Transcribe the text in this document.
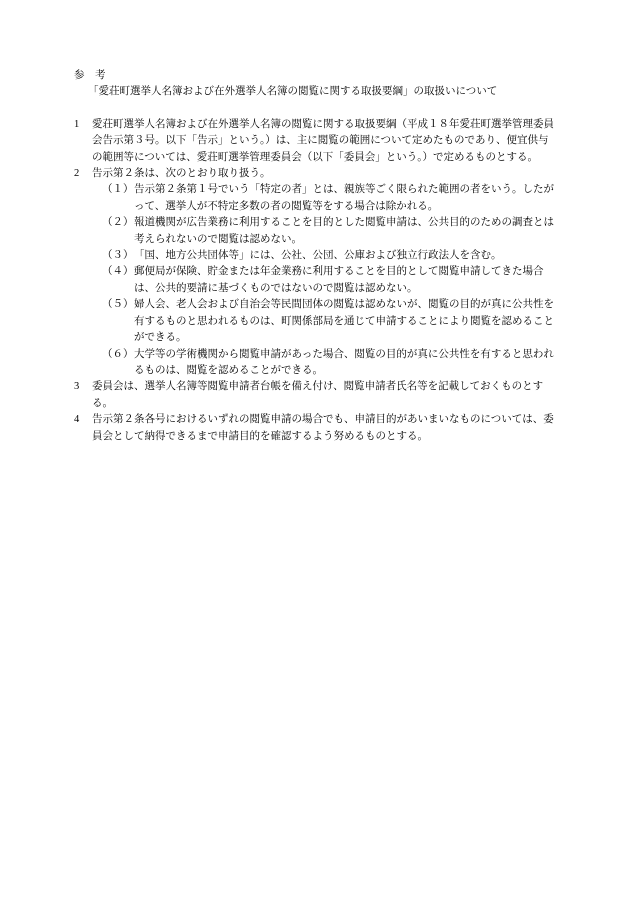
参　考
「愛荘町選挙人名簿および在外選挙人名簿の閲覧に関する取扱要綱」の取扱いについて
1 愛荘町選挙人名簿および在外選挙人名簿の閲覧に関する取扱要綱（平成１８年愛荘町選挙管理委員会告示第３号。以下「告示」という。）は、主に閲覧の範囲について定めたものであり、便宜供与の範囲等については、愛荘町選挙管理委員会（以下「委員会」という。）で定めるものとする。
2 告示第２条は、次のとおり取り扱う。
（１）告示第２条第１号でいう「特定の者」とは、親族等ごく限られた範囲の者をいう。したがって、選挙人が不特定多数の者の閲覧等をする場合は除かれる。
（２）報道機関が広告業務に利用することを目的とした閲覧申請は、公共目的のための調査とは考えられないので閲覧は認めない。
（３）「国、地方公共団体等」には、公社、公団、公庫および独立行政法人を含む。
（４）郵便局が保険、貯金または年金業務に利用することを目的として閲覧申請してきた場合は、公共的要請に基づくものではないので閲覧は認めない。
（５）婦人会、老人会および自治会等民間団体の閲覧は認めないが、閲覧の目的が真に公共性を有するものと思われるものは、町関係部局を通じて申請することにより閲覧を認めることができる。
（６）大学等の学術機関から閲覧申請があった場合、閲覧の目的が真に公共性を有すると思われるものは、閲覧を認めることができる。
3 委員会は、選挙人名簿等閲覧申請者台帳を備え付け、閲覧申請者氏名等を記載しておくものとする。
4 告示第２条各号におけるいずれの閲覧申請の場合でも、申請目的があいまいなものについては、委員会として納得できるまで申請目的を確認するよう努めるものとする。
